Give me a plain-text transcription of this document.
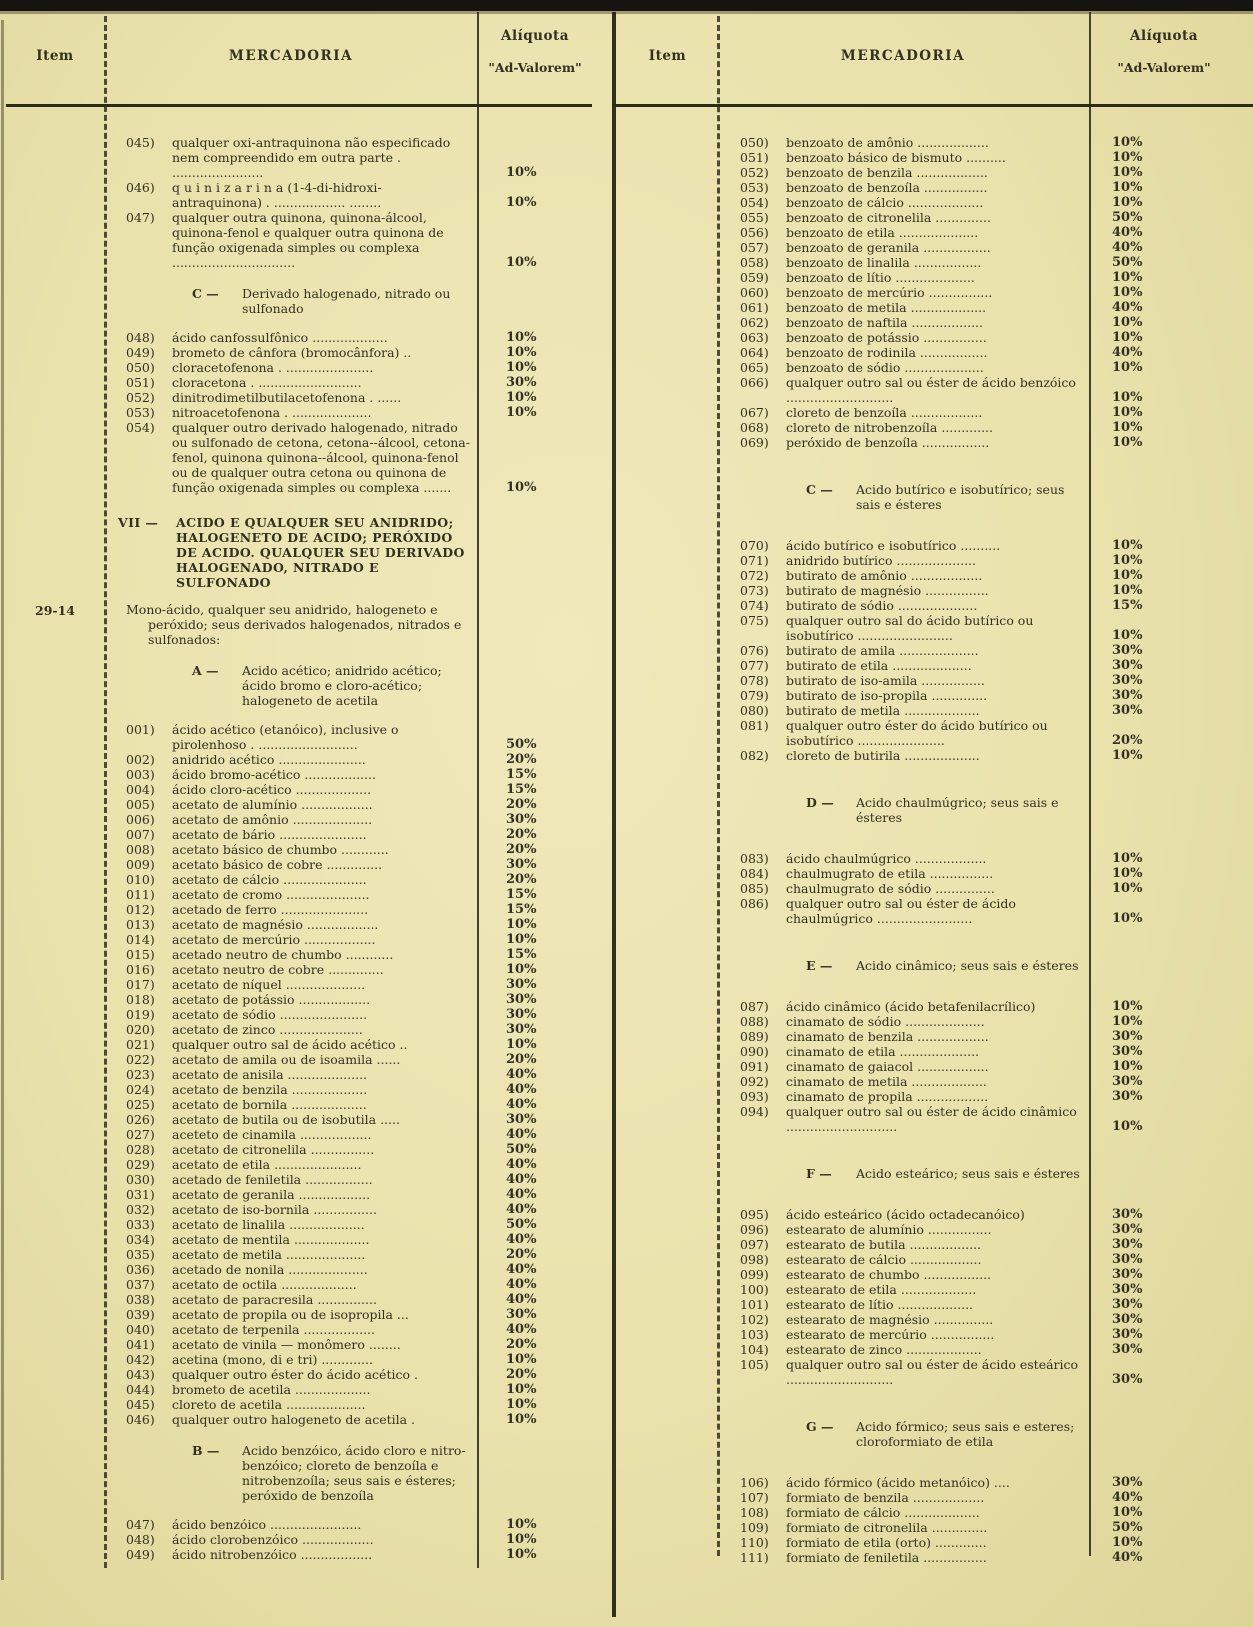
Item	MERCADORIA
Alíquota
"Ad-Valorem"
045)	qualquer oxi-antraquinona não especificado nem compreendido em outra parte . .......................	10%
046)	q u i n i z a r i n a (1-4-di-hidroxi-antraquinona) . .................. ........	10%
047)	qualquer outra quinona, quinona-álcool, quinona-fenol e qualquer outra quinona de função oxigenada simples ou complexa ...............................	10%
C —	Derivado halogenado, nitrado ou sulfonado
048)	ácido canfossulfônico ...................	10%
049)	brometo de cânfora (bromocânfora) ..	10%
050)	cloracetofenona . ......................	10%
051)	cloracetona . ..........................	30%
052)	dinitrodimetilbutilacetofenona . ......	10%
053)	nitroacetofenona . ....................	10%
054)	qualquer outro derivado halogenado, nitrado ou sulfonado de cetona, cetona--álcool, cetona-fenol, quinona quinona--álcool, quinona-fenol ou de qualquer outra cetona ou quinona de função oxigenada simples ou complexa .......	10%
VII —	ACIDO E QUALQUER SEU ANIDRIDO; HALOGENETO DE ACIDO; PERÓXIDO DE ACIDO. QUALQUER SEU DERIVADO HALOGENADO, NITRADO E SULFONADO
29-14	Mono-ácido, qualquer seu anidrido, halogeneto e peróxido; seus derivados halogenados, nitrados e sulfonados:
A —	Acido acético; anidrido acético; ácido bromo e cloro-acético; halogeneto de acetila
001)	ácido acético (etanóico), inclusive o pirolenhoso . .........................	50%
002)	anidrido acético ......................	20%
003)	ácido bromo-acético ..................	15%
004)	ácido cloro-acético ...................	15%
005)	acetato de alumínio ..................	20%
006)	acetato de amônio ....................	30%
007)	acetato de bário ......................	20%
008)	acetato básico de chumbo ............	20%
009)	acetato básico de cobre ..............	30%
010)	acetato de cálcio .....................	20%
011)	acetato de cromo .....................	15%
012)	acetado de ferro ......................	15%
013)	acetato de magnésio ..................	10%
014)	acetato de mercúrio ..................	10%
015)	acetado neutro de chumbo ............	15%
016)	acetato neutro de cobre ..............	10%
017)	acetato de níquel ....................	30%
018)	acetato de potássio ..................	30%
019)	acetato de sódio ......................	30%
020)	acetato de zinco .....................	30%
021)	qualquer outro sal de ácido acético ..	10%
022)	acetato de amila ou de isoamila ......	20%
023)	acetato de anisila ....................	40%
024)	acetato de benzila ...................	40%
025)	acetato de bornila ...................	40%
026)	acetato de butila ou de isobutila .....	30%
027)	aceteto de cinamila ..................	40%
028)	acetato de citronelila ................	50%
029)	acetato de etila ......................	40%
030)	acetado de feniletila .................	40%
031)	acetato de geranila ..................	40%
032)	acetato de iso-bornila ................	40%
033)	acetato de linalila ...................	50%
034)	acetato de mentila ...................	40%
035)	acetato de metila ....................	20%
036)	acetado de nonila ....................	40%
037)	acetato de octila ...................	40%
038)	acetato de paracresila ...............	40%
039)	acetato de propila ou de isopropila ...	30%
040)	acetato de terpenila ..................	40%
041)	acetato de vinila — monômero ........	20%
042)	acetina (mono, di e tri) .............	10%
043)	qualquer outro éster do ácido acético .	20%
044)	brometo de acetila ...................	10%
045)	cloreto de acetila ....................	10%
046)	qualquer outro halogeneto de acetila .	10%
B —	Acido benzóico, ácido cloro e nitro-benzóico; cloreto de benzoíla e nitrobenzoíla; seus sais e ésteres; peróxido de benzoíla
047)	ácido benzóico .......................	10%
048)	ácido clorobenzóico ..................	10%
049)	ácido nitrobenzóico ..................	10%
Item	MERCADORIA
Alíquota
"Ad-Valorem"
050)	benzoato de amônio ..................	10%
051)	benzoato básico de bismuto ..........	10%
052)	benzoato de benzila ..................	10%
053)	benzoato de benzoíla ................	10%
054)	benzoato de cálcio ...................	10%
055)	benzoato de citronelila ..............	50%
056)	benzoato de etila ....................	40%
057)	benzoato de geranila .................	40%
058)	benzoato de linalila .................	50%
059)	benzoato de lítio ....................	10%
060)	benzoato de mercúrio ................	10%
061)	benzoato de metila ...................	40%
062)	benzoato de naftila ..................	10%
063)	benzoato de potássio ................	10%
064)	benzoato de rodinila .................	40%
065)	benzoato de sódio ....................	10%
066)	qualquer outro sal ou éster de ácido benzóico ...........................	10%
067)	cloreto de benzoíla ..................	10%
068)	cloreto de nitrobenzoíla .............	10%
069)	peróxido de benzoíla .................	10%
C —	Acido butírico e isobutírico; seus sais e ésteres
070)	ácido butírico e isobutírico ..........	10%
071)	anidrido butírico ....................	10%
072)	butirato de amônio ..................	10%
073)	butirato de magnésio ................	10%
074)	butirato de sódio ....................	15%
075)	qualquer outro sal do ácido butírico ou isobutírico ........................	10%
076)	butirato de amila ....................	30%
077)	butirato de etila ....................	30%
078)	butirato de iso-amila ................	30%
079)	butirato de iso-propila ..............	30%
080)	butirato de metila ...................	30%
081)	qualquer outro éster do ácido butírico ou isobutírico ......................	20%
082)	cloreto de butirila ...................	10%
D —	Acido chaulmúgrico; seus sais e ésteres
083)	ácido chaulmúgrico ..................	10%
084)	chaulmugrato de etila ................	10%
085)	chaulmugrato de sódio ...............	10%
086)	qualquer outro sal ou éster de ácido chaulmúgrico ........................	10%
E —	Acido cinâmico; seus sais e ésteres
087)	ácido cinâmico (ácido betafenilacrílico)	10%
088)	cinamato de sódio ....................	10%
089)	cinamato de benzila ..................	30%
090)	cinamato de etila ....................	30%
091)	cinamato de gaiacol ..................	10%
092)	cinamato de metila ...................	30%
093)	cinamato de propila ..................	30%
094)	qualquer outro sal ou éster de ácido cinâmico ............................	10%
F —	Acido esteárico; seus sais e ésteres
095)	ácido esteárico (ácido octadecanóico)	30%
096)	estearato de alumínio ................	30%
097)	estearato de butila ..................	30%
098)	estearato de cálcio ..................	30%
099)	estearato de chumbo .................	30%
100)	estearato de etila ...................	30%
101)	estearato de lítio ...................	30%
102)	estearato de magnésio ...............	30%
103)	estearato de mercúrio ................	30%
104)	estearato de zinco ...................	30%
105)	qualquer outro sal ou éster de ácido esteárico ...........................	30%
G —	Acido fórmico; seus sais e esteres; cloroformiato de etila
106)	ácido fórmico (ácido metanóico) ....	30%
107)	formiato de benzila ..................	40%
108)	formiato de cálcio ...................	10%
109)	formiato de citronelila ..............	50%
110)	formiato de etila (orto) .............	10%
111)	formiato de feniletila ................	40%
